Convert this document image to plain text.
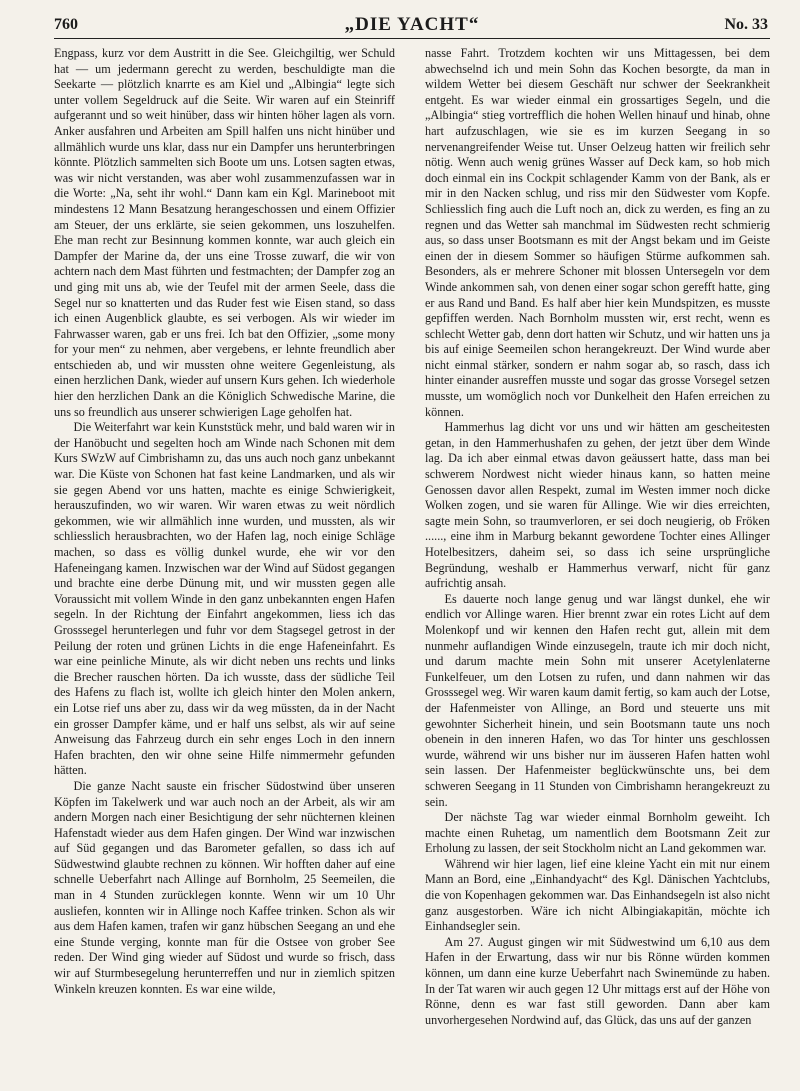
760	„DIE YACHT“	No. 33

Engpass, kurz vor dem Austritt in die See. Gleichgiltig, wer Schuld hat — um jedermann gerecht zu werden, beschuldigte man die Seekarte — plötzlich knarrte es am Kiel und „Albingia“ legte sich unter vollem Segeldruck auf die Seite. Wir waren auf ein Steinriff aufgerannt und so weit hinüber, dass wir hinten höher lagen als vorn. Anker ausfahren und Arbeiten am Spill halfen uns nicht hinüber und allmählich wurde uns klar, dass nur ein Dampfer uns herunterbringen könnte. Plötzlich sammelten sich Boote um uns. Lotsen sagten etwas, was wir nicht verstanden, was aber wohl zusammenzufassen war in die Worte: „Na, seht ihr wohl.“ Dann kam ein Kgl. Marineboot mit mindestens 12 Mann Besatzung herangeschossen und einem Offizier am Steuer, der uns erklärte, sie seien gekommen, uns loszuhelfen. Ehe man recht zur Besinnung kommen konnte, war auch gleich ein Dampfer der Marine da, der uns eine Trosse zuwarf, die wir von achtern nach dem Mast führten und festmachten; der Dampfer zog an und ging mit uns ab, wie der Teufel mit der armen Seele, dass die Segel nur so knatterten und das Ruder fest wie Eisen stand, so dass ich einen Augenblick glaubte, es sei verbogen. Als wir wieder im Fahrwasser waren, gab er uns frei. Ich bat den Offizier, „some mony for your men“ zu nehmen, aber vergebens, er lehnte freundlich aber entschieden ab, und wir mussten ohne weitere Gegenleistung, als einen herzlichen Dank, wieder auf unsern Kurs gehen. Ich wiederhole hier den herzlichen Dank an die Königlich Schwedische Marine, die uns so freundlich aus unserer schwierigen Lage geholfen hat.

Die Weiterfahrt war kein Kunststück mehr, und bald waren wir in der Hanöbucht und segelten hoch am Winde nach Schonen mit dem Kurs SWzW auf Cimbrishamn zu, das uns auch noch ganz unbekannt war. Die Küste von Schonen hat fast keine Landmarken, und als wir sie gegen Abend vor uns hatten, machte es einige Schwierigkeit, herauszufinden, wo wir waren. Wir waren etwas zu weit nördlich gekommen, wie wir allmählich inne wurden, und mussten, als wir schliesslich herausbrachten, wo der Hafen lag, noch einige Schläge machen, so dass es völlig dunkel wurde, ehe wir vor den Hafeneingang kamen. Inzwischen war der Wind auf Südost gegangen und brachte eine derbe Dünung mit, und wir mussten gegen alle Voraussicht mit vollem Winde in den ganz unbekannten engen Hafen segeln. In der Richtung der Einfahrt angekommen, liess ich das Grosssegel herunterlegen und fuhr vor dem Stagsegel getrost in der Peilung der roten und grünen Lichts in die enge Hafeneinfahrt. Es war eine peinliche Minute, als wir dicht neben uns rechts und links die Brecher rauschen hörten. Da ich wusste, dass der südliche Teil des Hafens zu flach ist, wollte ich gleich hinter den Molen ankern, ein Lotse rief uns aber zu, dass wir da weg müssten, da in der Nacht ein grosser Dampfer käme, und er half uns selbst, als wir auf seine Anweisung das Fahrzeug durch ein sehr enges Loch in den innern Hafen brachten, den wir ohne seine Hilfe nimmermehr gefunden hätten.

Die ganze Nacht sauste ein frischer Südostwind über unseren Köpfen im Takelwerk und war auch noch an der Arbeit, als wir am andern Morgen nach einer Besichtigung der sehr nüchternen kleinen Hafenstadt wieder aus dem Hafen gingen. Der Wind war inzwischen auf Süd gegangen und das Barometer gefallen, so dass ich auf Südwestwind glaubte rechnen zu können. Wir hofften daher auf eine schnelle Ueberfahrt nach Allinge auf Bornholm, 25 Seemeilen, die man in 4 Stunden zurücklegen konnte. Wenn wir um 10 Uhr ausliefen, konnten wir in Allinge noch Kaffee trinken. Schon als wir aus dem Hafen kamen, trafen wir ganz hübschen Seegang an und ehe eine Stunde verging, konnte man für die Ostsee von grober See reden. Der Wind ging wieder auf Südost und wurde so frisch, dass wir auf Sturmbesegelung herunterreffen und nur in ziemlich spitzen Winkeln kreuzen konnten. Es war eine wilde,

nasse Fahrt. Trotzdem kochten wir uns Mittagessen, bei dem abwechselnd ich und mein Sohn das Kochen besorgte, da man in wildem Wetter bei diesem Geschäft nur schwer der Seekrankheit entgeht. Es war wieder einmal ein grossartiges Segeln, und die „Albingia“ stieg vortrefflich die hohen Wellen hinauf und hinab, ohne hart aufzuschlagen, wie sie es im kurzen Seegang in so nervenangreifender Weise tut. Unser Oelzeug hatten wir freilich sehr nötig. Wenn auch wenig grünes Wasser auf Deck kam, so hob mich doch einmal ein ins Cockpit schlagender Kamm von der Bank, als er mir in den Nacken schlug, und riss mir den Südwester vom Kopfe. Schliesslich fing auch die Luft noch an, dick zu werden, es fing an zu regnen und das Wetter sah manchmal im Südwesten recht schmierig aus, so dass unser Bootsmann es mit der Angst bekam und im Geiste einen der in diesem Sommer so häufigen Stürme aufkommen sah. Besonders, als er mehrere Schoner mit blossen Untersegeln vor dem Winde ankommen sah, von denen einer sogar schon gerefft hatte, ging er aus Rand und Band. Es half aber hier kein Mundspitzen, es musste gepfiffen werden. Nach Bornholm mussten wir, erst recht, wenn es schlecht Wetter gab, denn dort hatten wir Schutz, und wir hatten uns ja bis auf einige Seemeilen schon herangekreuzt. Der Wind wurde aber nicht einmal stärker, sondern er nahm sogar ab, so rasch, dass ich hinter einander ausreffen musste und sogar das grosse Vorsegel setzen musste, um womöglich noch vor Dunkelheit den Hafen erreichen zu können.

Hammerhus lag dicht vor uns und wir hätten am gescheitesten getan, in den Hammerhushafen zu gehen, der jetzt über dem Winde lag. Da ich aber einmal etwas davon geäussert hatte, dass man bei schwerem Nordwest nicht wieder hinaus kann, so hatten meine Genossen davor allen Respekt, zumal im Westen immer noch dicke Wolken zogen, und sie waren für Allinge. Wie wir dies erreichten, sagte mein Sohn, so traumverloren, er sei doch neugierig, ob Fröken ......, eine ihm in Marburg bekannt gewordene Tochter eines Allinger Hotelbesitzers, daheim sei, so dass ich seine ursprüngliche Begründung, weshalb er Hammerhus verwarf, nicht für ganz aufrichtig ansah.

Es dauerte noch lange genug und war längst dunkel, ehe wir endlich vor Allinge waren. Hier brennt zwar ein rotes Licht auf dem Molenkopf und wir kennen den Hafen recht gut, allein mit dem nunmehr auflandigen Winde einzusegeln, traute ich mir doch nicht, und darum machte mein Sohn mit unserer Acetylenlaterne Funkelfeuer, um den Lotsen zu rufen, und dann nahmen wir das Grosssegel weg. Wir waren kaum damit fertig, so kam auch der Lotse, der Hafenmeister von Allinge, an Bord und steuerte uns mit gewohnter Sicherheit hinein, und sein Bootsmann taute uns noch obenein in den inneren Hafen, wo das Tor hinter uns geschlossen wurde, während wir uns bisher nur im äusseren Hafen hatten wohl sein lassen. Der Hafenmeister beglückwünschte uns, bei dem schweren Seegang in 11 Stunden von Cimbrishamn herangekreuzt zu sein.

Der nächste Tag war wieder einmal Bornholm geweiht. Ich machte einen Ruhetag, um namentlich dem Bootsmann Zeit zur Erholung zu lassen, der seit Stockholm nicht an Land gekommen war.

Während wir hier lagen, lief eine kleine Yacht ein mit nur einem Mann an Bord, eine „Einhandyacht“ des Kgl. Dänischen Yachtclubs, die von Kopenhagen gekommen war. Das Einhandsegeln ist also nicht ganz ausgestorben. Wäre ich nicht Albingiakapitän, möchte ich Einhandsegler sein.

Am 27. August gingen wir mit Südwestwind um 6,10 aus dem Hafen in der Erwartung, dass wir nur bis Rönne würden kommen können, um dann eine kurze Ueberfahrt nach Swinemünde zu haben. In der Tat waren wir auch gegen 12 Uhr mittags erst auf der Höhe von Rönne, denn es war fast still geworden. Dann aber kam unvorhergesehen Nordwind auf, das Glück, das uns auf der ganzen
